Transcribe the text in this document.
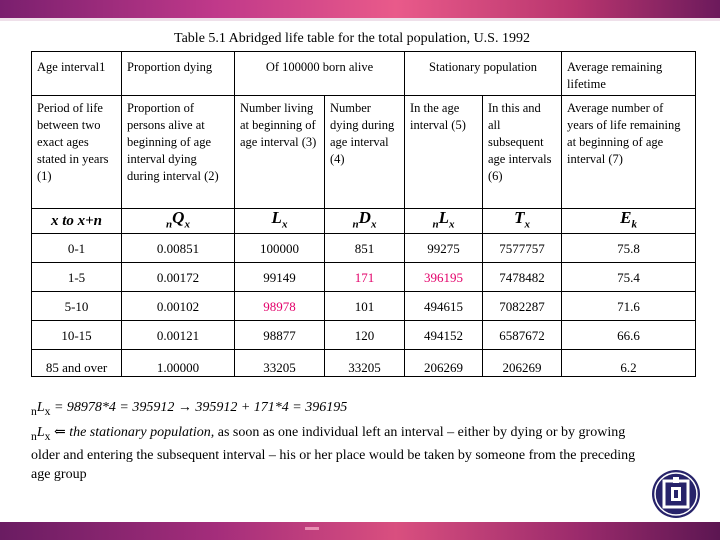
Table 5.1 Abridged life table for the total population, U.S. 1992
Age interval1	Proportion dying	Of 100000 born alive		Stationary population		Average remaining lifetime
Period of life between two exact ages stated in years (1)	Proportion of persons alive at beginning of age interval dying during interval (2)	Number living at beginning of age interval (3)	Number dying during age interval (4)	In the age interval (5)	In this and all subsequent age intervals (6)	Average number of years of life remaining at beginning of age interval (7)
x to x+n	$_nQ_x$	$L_x$	$_nD_x$	$_nL_x$	$T_x$	$E_k$
0-1	0.00851	100000	851	99275	7577757	75.8
1-5	0.00172	99149	171	396195	7478482	75.4
5-10	0.00102	98978	101	494615	7082287	71.6
10-15	0.00121	98877	120	494152	6587672	66.6
85 and over	1.00000	33205	33205	206269	206269	6.2
$_nL_x = 98978*4 = 395912 \to 395912 + 171*4 = 396195$
$_nL_x$ ⇐ the stationary population, as soon as one individual left an interval – either by dying or by growing older and entering the subsequent interval – his or her place would be taken by someone from the preceding age group
